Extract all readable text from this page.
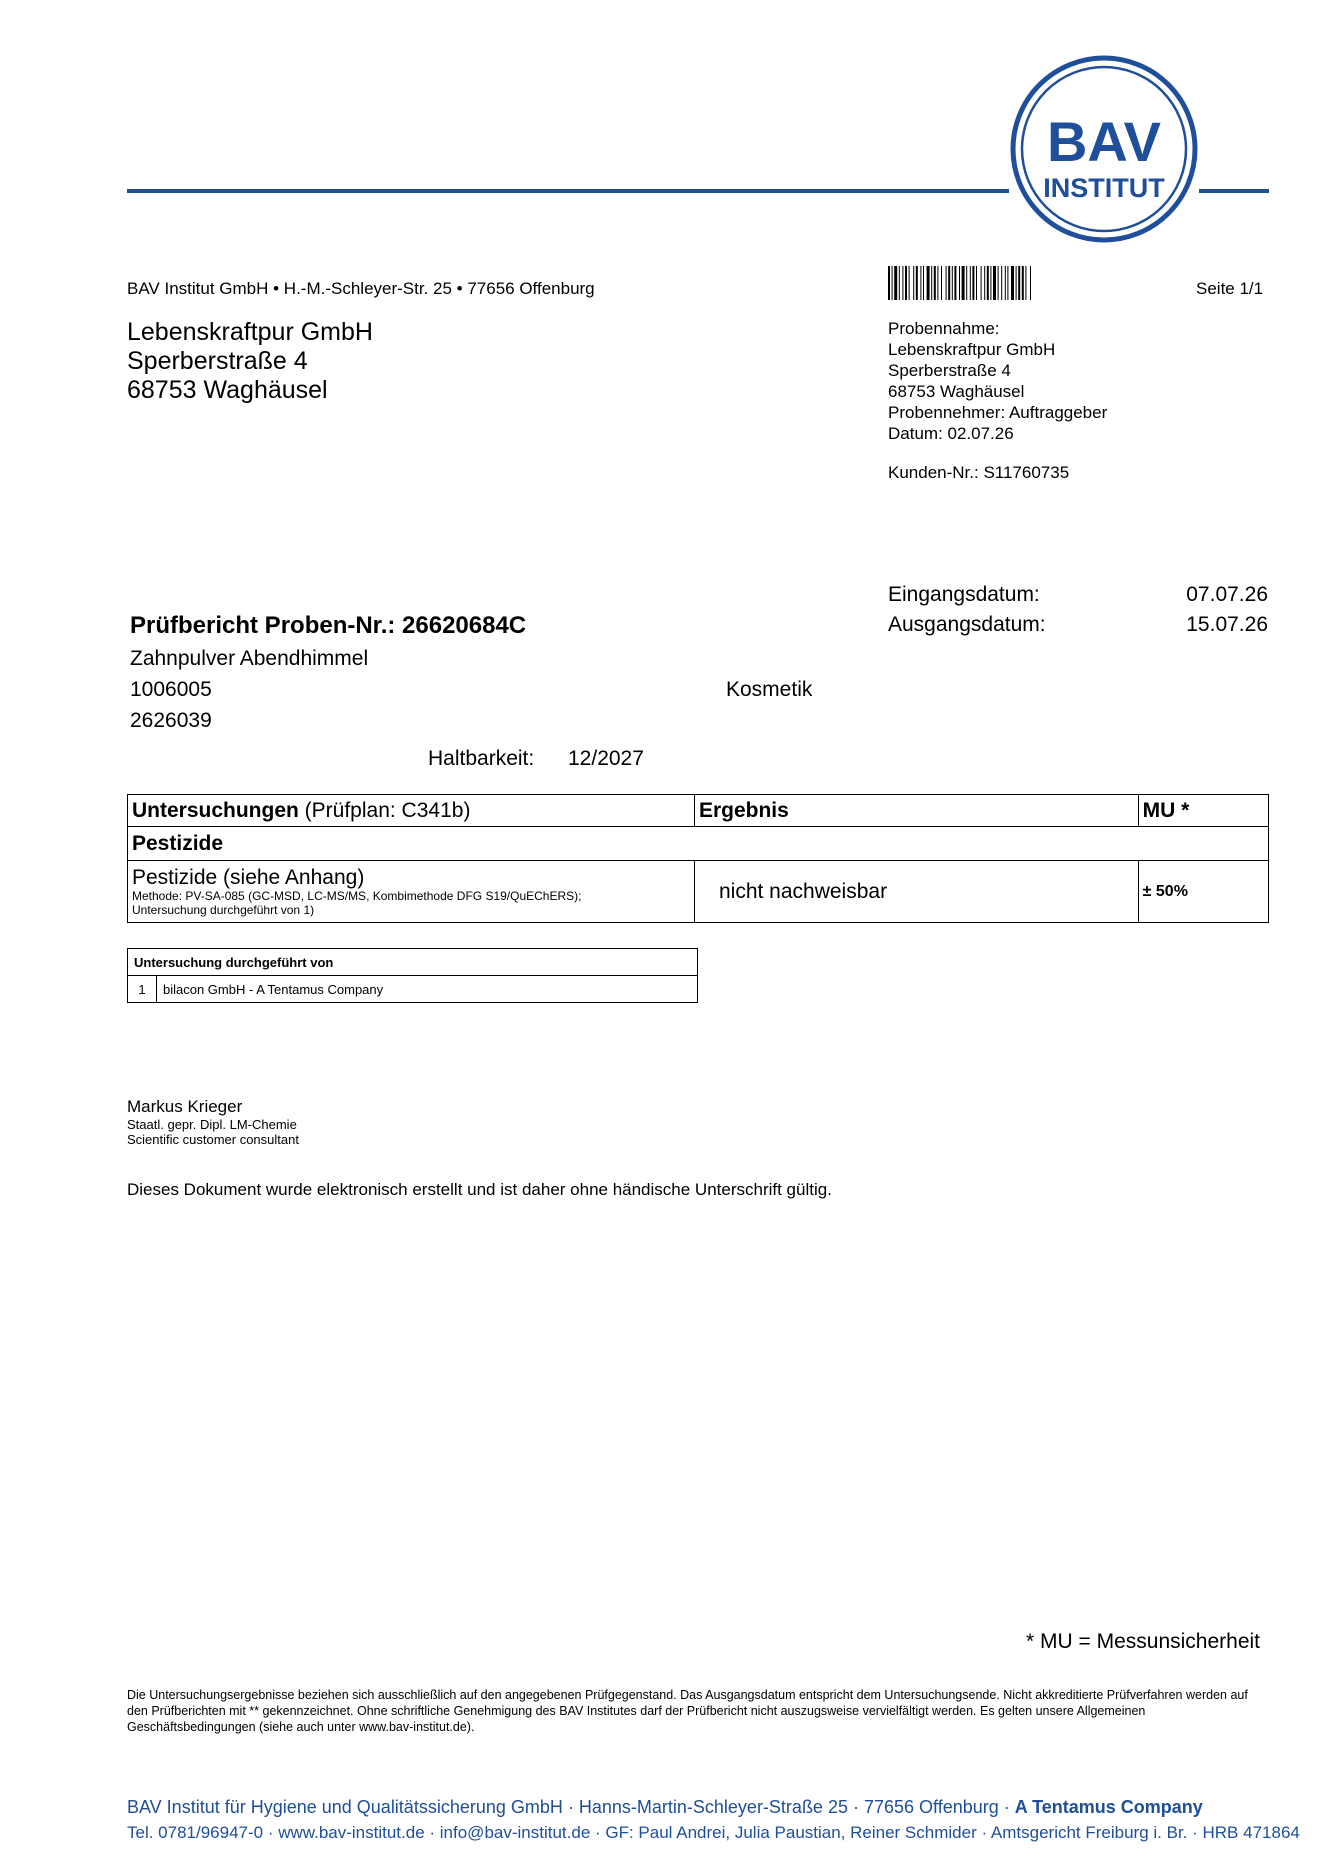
BAV
INSTITUT
BAV Institut GmbH • H.-M.-Schleyer-Str. 25 • 77656 Offenburg	Seite 1/1
Lebenskraftpur GmbH
Sperberstraße 4
68753 Waghäusel
Probennahme:
Lebenskraftpur GmbH
Sperberstraße 4
68753 Waghäusel
Probennehmer: Auftraggeber
Datum: 02.07.26
Kunden-Nr.: S11760735
Eingangsdatum:	07.07.26
Ausgangsdatum:	15.07.26
Prüfbericht Proben-Nr.: 26620684C
Zahnpulver Abendhimmel
1006005
2626039
Kosmetik
Haltbarkeit: 12/2027
Untersuchungen (Prüfplan: C341b)	Ergebnis	MU *
Pestizide		

Pestizide (siehe Anhang)
Methode: PV-SA-085 (GC-MSD, LC-MS/MS, Kombimethode DFG S19/QuEChERS);
Untersuchung durchgeführt von 1)	nicht nachweisbar	± 50%
Untersuchung durchgeführt von
1	bilacon GmbH - A Tentamus Company
Markus Krieger
Staatl. gepr. Dipl. LM-Chemie
Scientific customer consultant
Dieses Dokument wurde elektronisch erstellt und ist daher ohne händische Unterschrift gültig.
* MU = Messunsicherheit
Die Untersuchungsergebnisse beziehen sich ausschließlich auf den angegebenen Prüfgegenstand. Das Ausgangsdatum entspricht dem Untersuchungsende. Nicht akkreditierte Prüfverfahren werden auf den Prüfberichten mit ** gekennzeichnet. Ohne schriftliche Genehmigung des BAV Institutes darf der Prüfbericht nicht auszugsweise vervielfältigt werden. Es gelten unsere Allgemeinen Geschäftsbedingungen (siehe auch unter www.bav-institut.de).
BAV Institut für Hygiene und Qualitätssicherung GmbH · Hanns-Martin-Schleyer-Straße 25 · 77656 Offenburg · A Tentamus Company
Tel. 0781/96947-0 · www.bav-institut.de · info@bav-institut.de · GF: Paul Andrei, Julia Paustian, Reiner Schmider · Amtsgericht Freiburg i. Br. · HRB 471864
